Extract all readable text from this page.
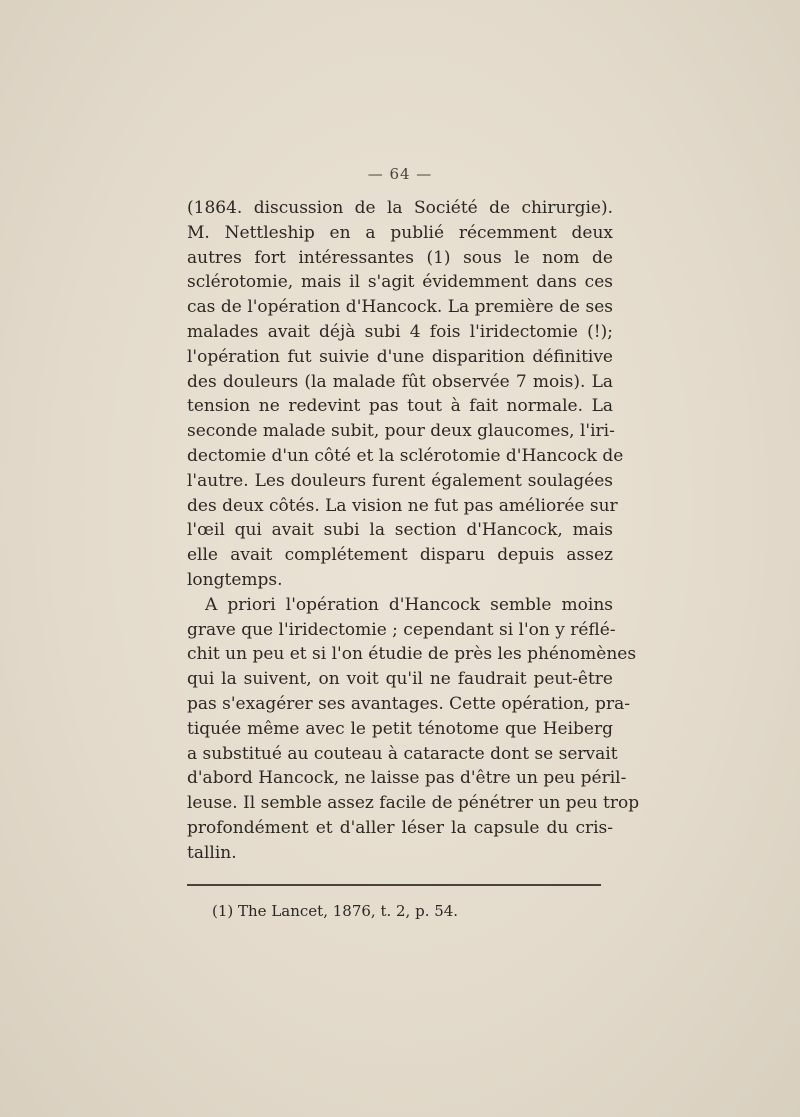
— 64 —
(1864. discussion de la Société de chirurgie).
M. Nettleship en a publié récemment deux
autres fort intéressantes (1) sous le nom de
sclérotomie, mais il s'agit évidemment dans ces
cas de l'opération d'Hancock. La première de ses
malades avait déjà subi 4 fois l'iridectomie (!);
l'opération fut suivie d'une disparition définitive
des douleurs (la malade fût observée 7 mois). La
tension ne redevint pas tout à fait normale. La
seconde malade subit, pour deux glaucomes, l'iri-
dectomie d'un côté et la sclérotomie d'Hancock de
l'autre. Les douleurs furent également soulagées
des deux côtés. La vision ne fut pas améliorée sur
l'œil qui avait subi la section d'Hancock, mais
elle avait complétement disparu depuis assez
longtemps.
A priori l'opération d'Hancock semble moins
grave que l'iridectomie ; cependant si l'on y réflé-
chit un peu et si l'on étudie de près les phénomènes
qui la suivent, on voit qu'il ne faudrait peut-être
pas s'exagérer ses avantages. Cette opération, pra-
tiquée même avec le petit ténotome que Heiberg
a substitué au couteau à cataracte dont se servait
d'abord Hancock, ne laisse pas d'être un peu péril-
leuse. Il semble assez facile de pénétrer un peu trop
profondément et d'aller léser la capsule du cris-
tallin.
(1) The Lancet, 1876, t. 2, p. 54.
